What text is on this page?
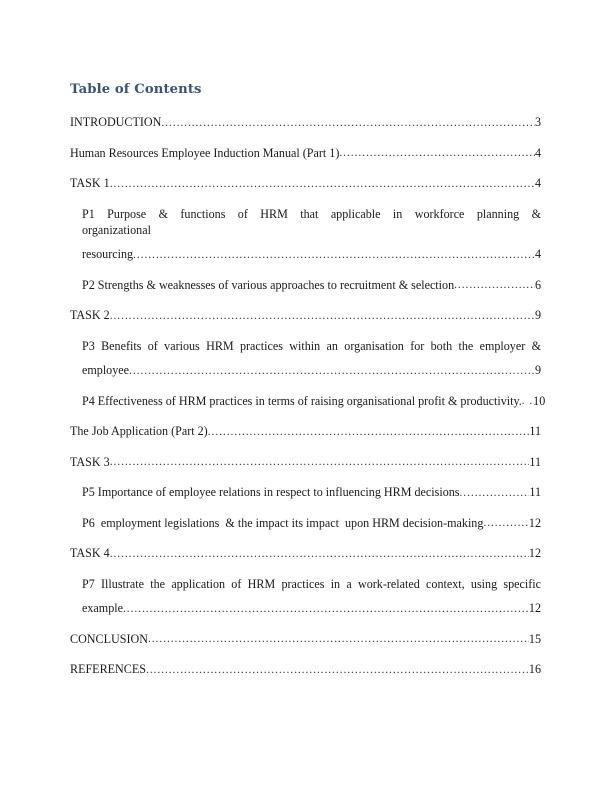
Table of Contents
INTRODUCTION .....	3
Human Resources Employee Induction Manual (Part 1) .....	4
TASK 1 .....	4
P1  Purpose  &  functions  of  HRM  that  applicable  in  workforce  planning  &  organizational
resourcing .....	4
P2 Strengths & weaknesses of various approaches to recruitment & selection .....	6
TASK 2 .....	9
P3  Benefits  of  various  HRM  practices  within  an  organisation  for  both  the  employer  &
employee .....	9
P4 Effectiveness of HRM practices in terms of raising organisational profit & productivity. . . 10
The Job Application (Part 2) .....	11
TASK 3 .....	11
P5 Importance of employee relations in respect to influencing HRM decisions .....	11
P6  employment legislations  & the impact its impact  upon HRM decision-making .....	12
TASK 4 .....	12
P7  Illustrate  the  application  of  HRM  practices  in  a  work-related  context,  using  specific
example .....	12
CONCLUSION .....	15
REFERENCES .....	16
